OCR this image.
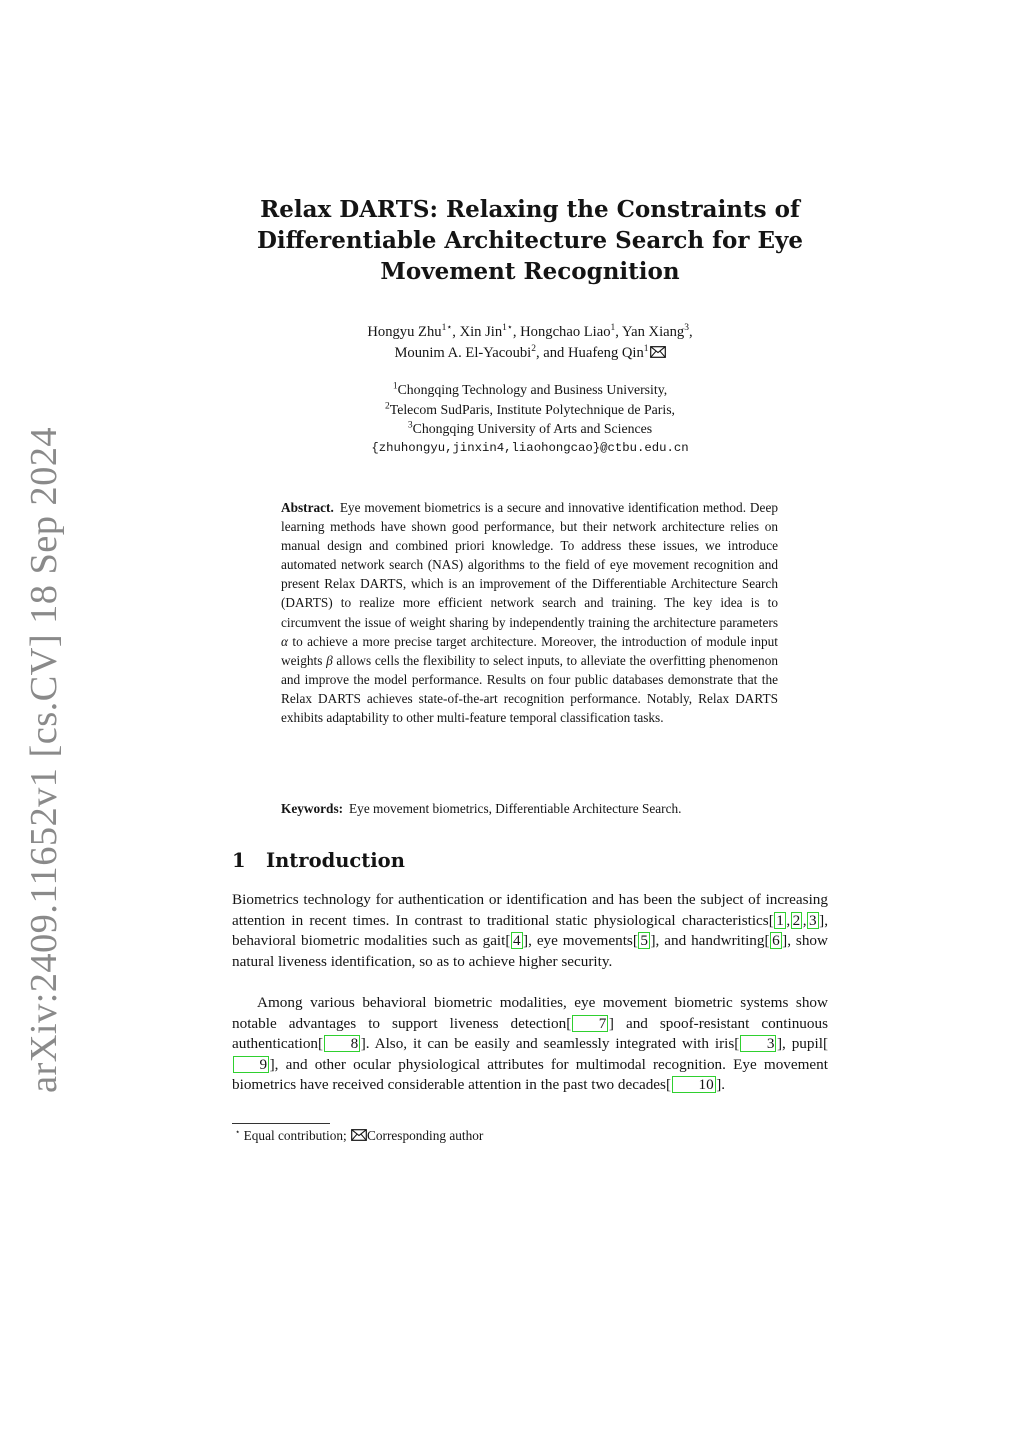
arXiv:2409.11652v1 [cs.CV] 18 Sep 2024
Relax DARTS: Relaxing the Constraints of
Differentiable Architecture Search for Eye
Movement Recognition
Hongyu Zhu$^{1⋆}$, Xin Jin$^{1⋆}$, Hongchao Liao$^1$, Yan Xiang$^3$,
Mounim A. El-Yacoubi$^2$, and Huafeng Qin$^1$
$^1$Chongqing Technology and Business University,
$^2$Telecom SudParis, Institute Polytechnique de Paris,
$^3$Chongqing University of Arts and Sciences
{zhuhongyu,jinxin4,liaohongcao}@ctbu.edu.cn

Abstract. Eye movement biometrics is a secure and innovative identification method. Deep learning methods have shown good performance, but their network architecture relies on manual design and combined priori knowledge. To address these issues, we introduce automated network search (NAS) algorithms to the field of eye movement recognition and present Relax DARTS, which is an improvement of the Differentiable Architecture Search (DARTS) to realize more efficient network search and training. The key idea is to circumvent the issue of weight sharing by independently training the architecture parameters α to achieve a more precise target architecture. Moreover, the introduction of module input weights β allows cells the flexibility to select inputs, to alleviate the overfitting phenomenon and improve the model performance. Results on four public databases demonstrate that the Relax DARTS achieves state-of-the-art recognition performance. Notably, Relax DARTS exhibits adaptability to other multi-feature temporal classification tasks.

Keywords: Eye movement biometrics, Differentiable Architecture Search.

1 Introduction

Biometrics technology for authentication or identification and has been the subject of increasing attention in recent times. In contrast to traditional static physiological characteristics[ 1 , 2 , 3 ], behavioral biometric modalities such as gait[ 4 ], eye movements[ 5 ], and handwriting[ 6 ], show natural liveness identification, so as to achieve higher security.

Among various behavioral biometric modalities, eye movement biometric systems show notable advantages to support liveness detection[ 7 ] and spoof-resistant continuous authentication[ 8 ]. Also, it can be easily and seamlessly integrated with iris[ 3 ], pupil[9 ], and other ocular physiological attributes for multimodal recognition. Eye movement biometrics have received considerable attention in the past two decades[ 10 ].

⋆ Equal contribution; Corresponding author
